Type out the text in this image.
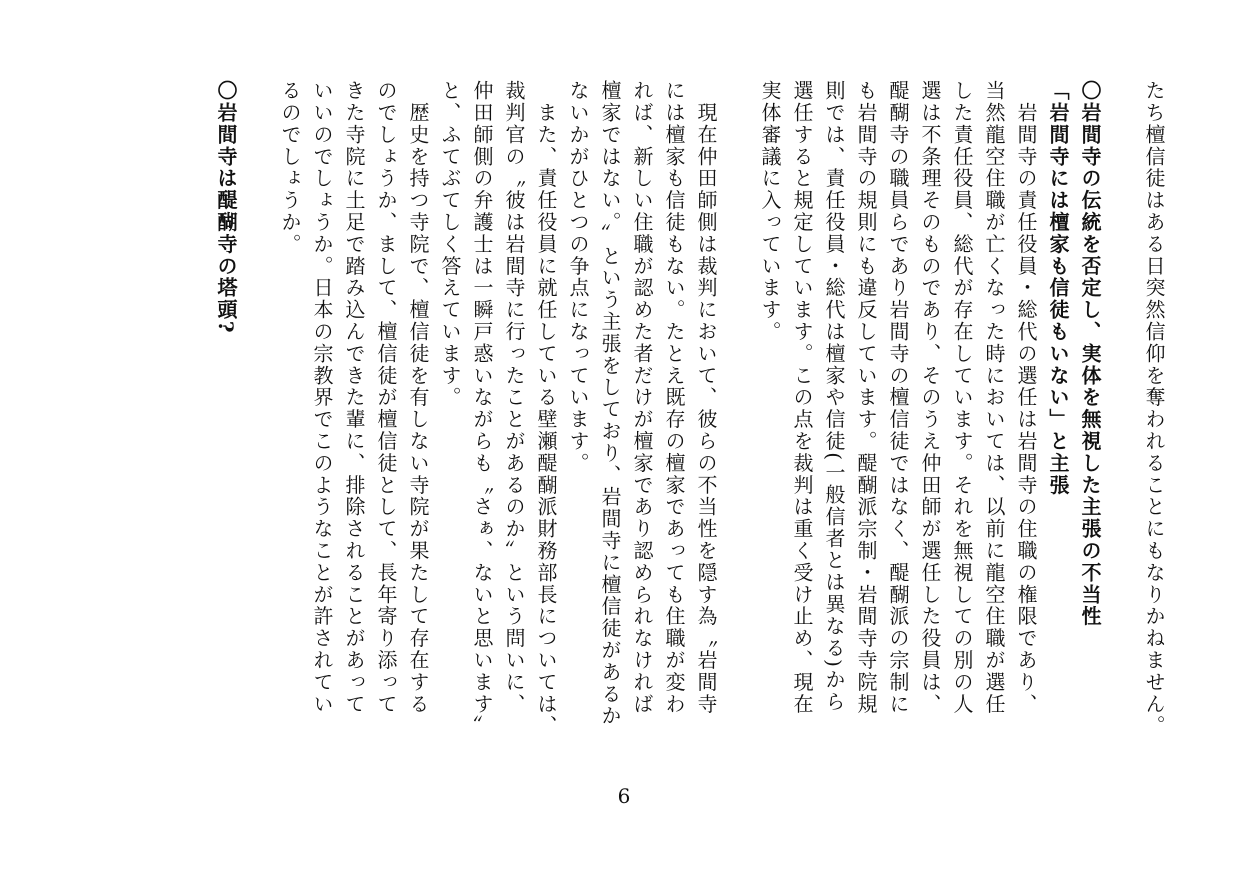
たち檀信徒はある日突然信仰を奪われることにもなりかねません。
〇岩間寺の伝統を否定し、実体を無視した主張の不当性
「岩間寺には檀家も信徒もいない」と主張
　岩間寺の責任役員・総代の選任は岩間寺の住職の権限であり、
当然龍空住職が亡くなった時においては、以前に龍空住職が選任
した責任役員、総代が存在しています。それを無視しての別の人
選は不条理そのものであり、そのうえ仲田師が選任した役員は、
醍醐寺の職員らであり岩間寺の檀信徒ではなく、醍醐派の宗制に
も岩間寺の規則にも違反しています。醍醐派宗制・岩間寺寺院規
則では、責任役員・総代は檀家や信徒(一般信者とは異なる)から
選任すると規定しています。この点を裁判は重く受け止め、現在
実体審議に入っています。
　現在仲田師側は裁判において、彼らの不当性を隠す為〝岩間寺
には檀家も信徒もない。たとえ既存の檀家であっても住職が変わ
れば、新しい住職が認めた者だけが檀家であり認められなければ
檀家ではない。〟という主張をしており、岩間寺に檀信徒があるか
ないかがひとつの争点になっています。
　また、責任役員に就任している壁瀬醍醐派財務部長については、
裁判官の〝彼は岩間寺に行ったことがあるのか〟という問いに、
仲田師側の弁護士は一瞬戸惑いながらも〝さぁ、ないと思います〟
と、ふてぶてしく答えています。
　歴史を持つ寺院で、檀信徒を有しない寺院が果たして存在する
のでしょうか、まして、檀信徒が檀信徒として、長年寄り添って
きた寺院に土足で踏み込んできた輩に、排除されることがあって
いいのでしょうか。日本の宗教界でこのようなことが許されてい
るのでしょうか。
〇岩間寺は醍醐寺の塔頭?
6
